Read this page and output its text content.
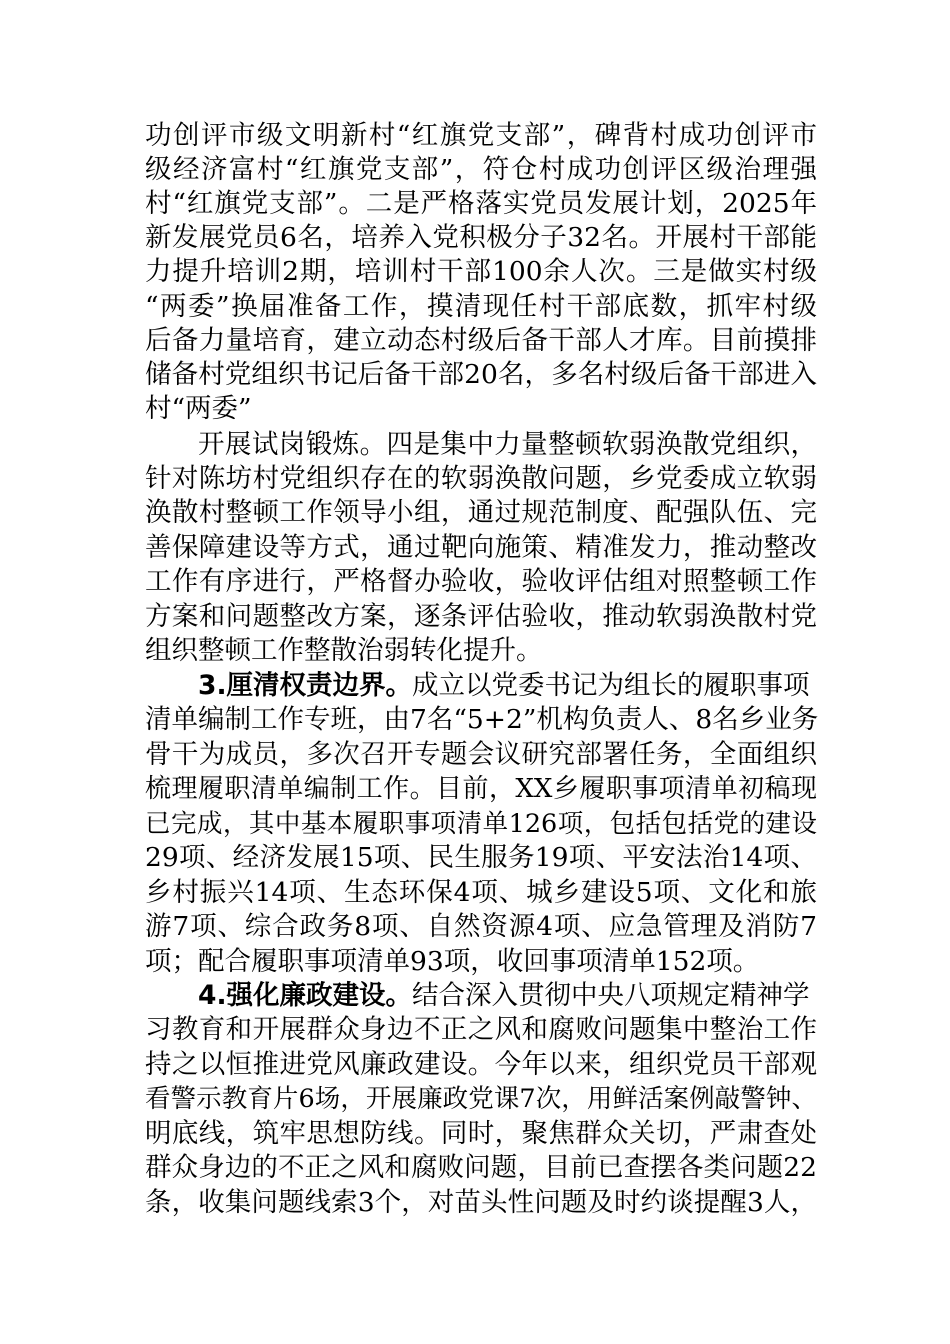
功创评市级文明新村“红旗党支部”，碑背村成功创评市
级经济富村“红旗党支部”，符仓村成功创评区级治理强
村“红旗党支部”。二是严格落实党员发展计划，2025年
新发展党员6名，培养入党积极分子32名。开展村干部能
力提升培训2期，培训村干部100余人次。三是做实村级
“两委”换届准备工作，摸清现任村干部底数，抓牢村级
后备力量培育，建立动态村级后备干部人才库。目前摸排
储备村党组织书记后备干部20名，多名村级后备干部进入
村“两委”
开展试岗锻炼。四是集中力量整顿软弱涣散党组织，
针对陈坊村党组织存在的软弱涣散问题，乡党委成立软弱
涣散村整顿工作领导小组，通过规范制度、配强队伍、完
善保障建设等方式，通过靶向施策、精准发力，推动整改
工作有序进行，严格督办验收，验收评估组对照整顿工作
方案和问题整改方案，逐条评估验收，推动软弱涣散村党
组织整顿工作整散治弱转化提升。
3.厘清权责边界。成立以党委书记为组长的履职事项
清单编制工作专班，由7名“5+2”机构负责人、8名乡业务
骨干为成员，多次召开专题会议研究部署任务，全面组织
梳理履职清单编制工作。目前，XX乡履职事项清单初稿现
已完成，其中基本履职事项清单126项，包括包括党的建设
29项、经济发展15项、民生服务19项、平安法治14项、
乡村振兴14项、生态环保4项、城乡建设5项、文化和旅
游7项、综合政务8项、自然资源4项、应急管理及消防7
项；配合履职事项清单93项，收回事项清单152项。
4.强化廉政建设。结合深入贯彻中央八项规定精神学
习教育和开展群众身边不正之风和腐败问题集中整治工作
持之以恒推进党风廉政建设。今年以来，组织党员干部观
看警示教育片6场，开展廉政党课7次，用鲜活案例敲警钟、
明底线，筑牢思想防线。同时，聚焦群众关切，严肃查处
群众身边的不正之风和腐败问题，目前已查摆各类问题22
条，收集问题线索3个，对苗头性问题及时约谈提醒3人，
